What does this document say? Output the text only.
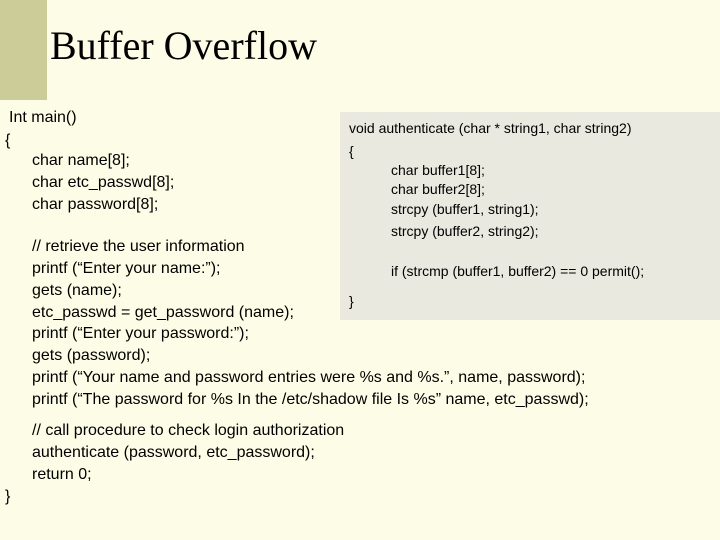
Buffer Overflow
void authenticate (char * string1, char string2)
{
char buffer1[8];
char buffer2[8];
strcpy (buffer1, string1);
strcpy (buffer2, string2);
if (strcmp (buffer1, buffer2) == 0 permit();
}
Int main()
{
char name[8];
char etc_passwd[8];
char password[8];
// retrieve the user information
printf (“Enter your name:”);
gets (name);
etc_passwd = get_password (name);
printf (“Enter your password:”);
gets (password);
printf (“Your name and password entries were %s and %s.”, name, password);
printf (“The password for %s In the /etc/shadow file Is %s” name, etc_passwd);
// call procedure to check login authorization
authenticate (password, etc_password);
return 0;
}
